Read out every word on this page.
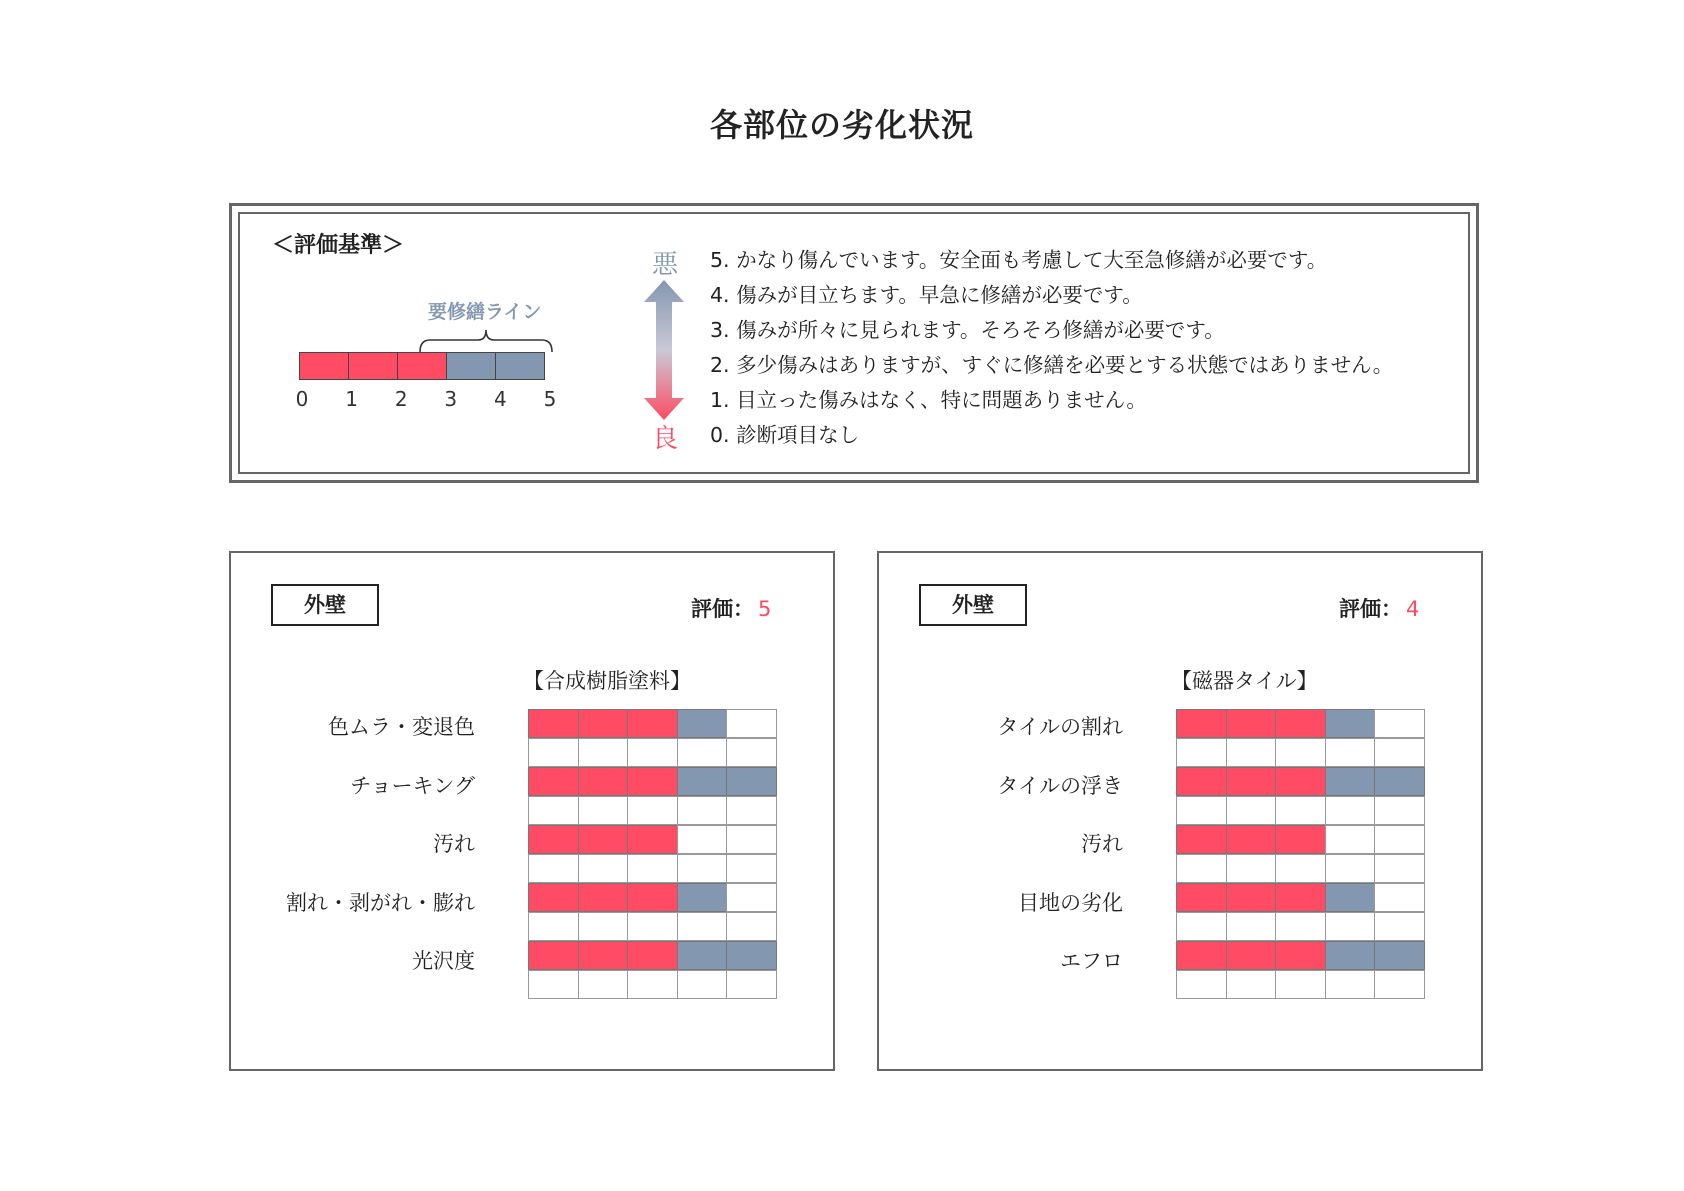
各部位の劣化状況
＜評価基準＞
要修繕ライン
0 1 2 3 4 5
悪
良
5. かなり傷んでいます。安全面も考慮して大至急修繕が必要です。
4. 傷みが目立ちます。早急に修繕が必要です。
3. 傷みが所々に見られます。そろそろ修繕が必要です。
2. 多少傷みはありますが、すぐに修繕を必要とする状態ではありません。
1. 目立った傷みはなく、特に問題ありません。
0. 診断項目なし
外壁	評価： 5
【合成樹脂塗料】
色ムラ・変退色
チョーキング
汚れ
割れ・剥がれ・膨れ
光沢度
外壁	評価： 4
【磁器タイル】
タイルの割れ
タイルの浮き
汚れ
目地の劣化
エフロ
